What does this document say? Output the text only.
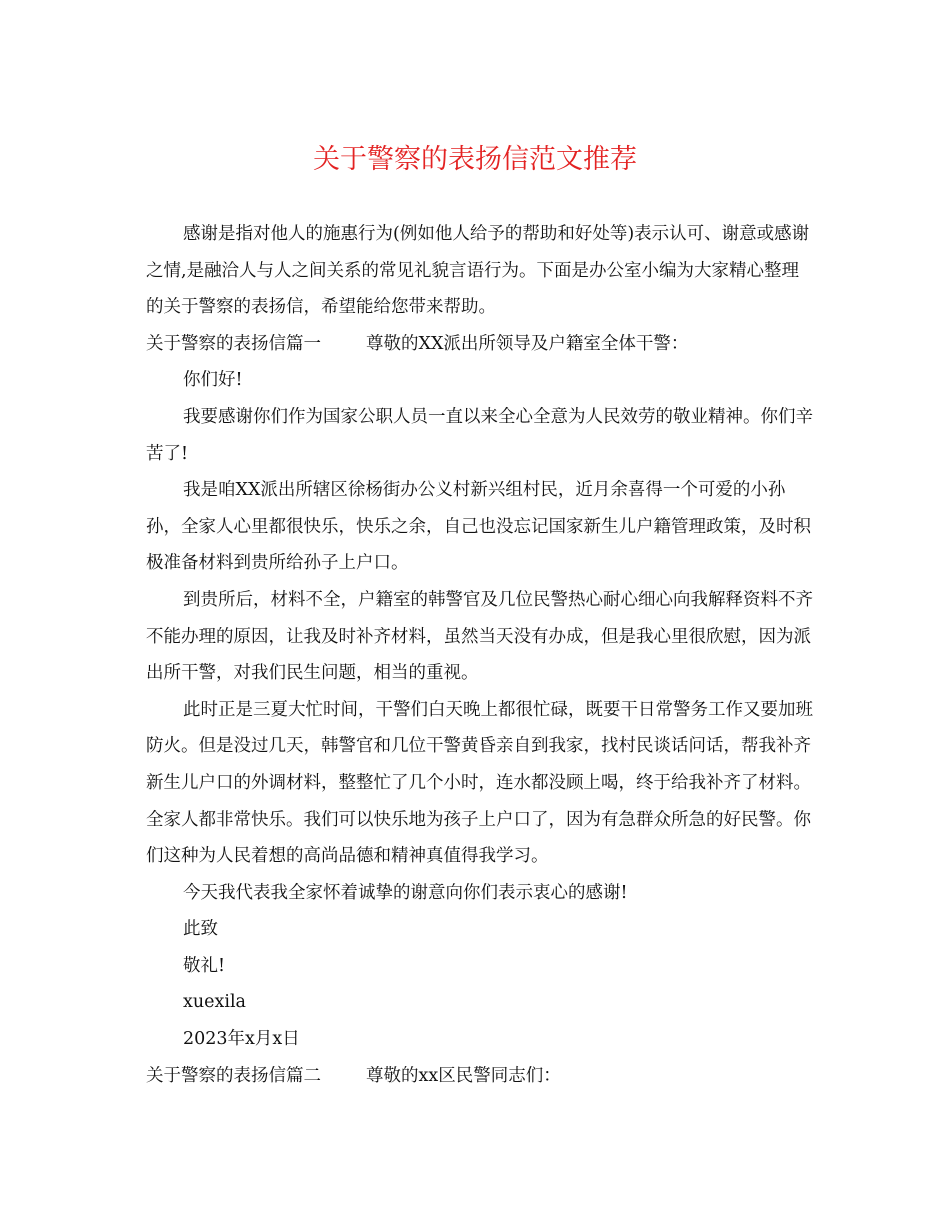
关于警察的表扬信范文推荐

感谢是指对他人的施惠行为(例如他人给予的帮助和好处等)表示认可、谢意或感谢之情,是融洽人与人之间关系的常见礼貌言语行为。下面是办公室小编为大家精心整理的关于警察的表扬信，希望能给您带来帮助。

关于警察的表扬信篇一	尊敬的XX派出所领导及户籍室全体干警：

你们好!

我要感谢你们作为国家公职人员一直以来全心全意为人民效劳的敬业精神。你们辛苦了!

我是咱XX派出所辖区徐杨街办公义村新兴组村民，近月余喜得一个可爱的小孙孙，全家人心里都很快乐，快乐之余，自己也没忘记国家新生儿户籍管理政策，及时积极准备材料到贵所给孙子上户口。

到贵所后，材料不全，户籍室的韩警官及几位民警热心耐心细心向我解释资料不齐不能办理的原因，让我及时补齐材料，虽然当天没有办成，但是我心里很欣慰，因为派出所干警，对我们民生问题，相当的重视。

此时正是三夏大忙时间，干警们白天晚上都很忙碌，既要干日常警务工作又要加班防火。但是没过几天，韩警官和几位干警黄昏亲自到我家，找村民谈话问话，帮我补齐新生儿户口的外调材料，整整忙了几个小时，连水都没顾上喝，终于给我补齐了材料。全家人都非常快乐。我们可以快乐地为孩子上户口了，因为有急群众所急的好民警。你们这种为人民着想的高尚品德和精神真值得我学习。

今天我代表我全家怀着诚挚的谢意向你们表示衷心的感谢!

此致

敬礼!

xuexila

2023年x月x日

关于警察的表扬信篇二	尊敬的xx区民警同志们：
